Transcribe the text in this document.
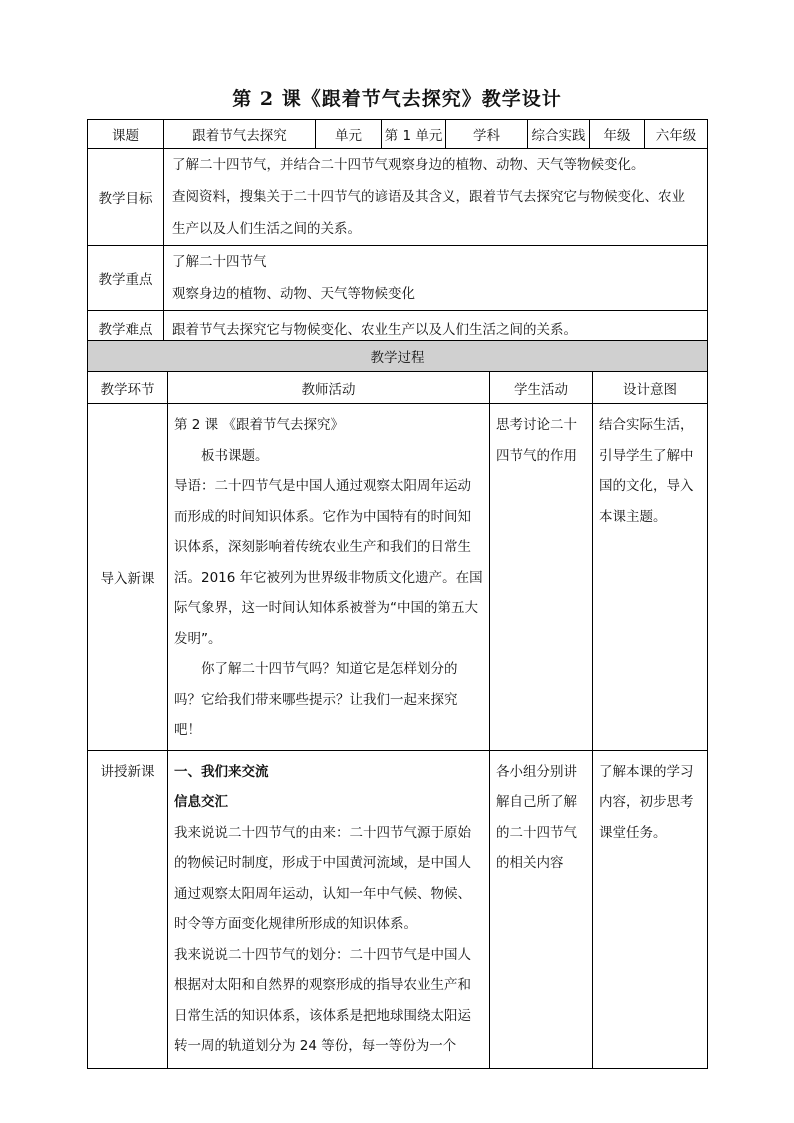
第 2 课《跟着节气去探究》教学设计
课题	跟着节气去探究	单元	第 1 单元	学科	综合实践	年级	六年级
教学目标	了解二十四节气，并结合二十四节气观察身边的植物、动物、天气等物候变化。
查阅资料，搜集关于二十四节气的谚语及其含义，跟着节气去探究它与物候变化、农业
生产以及人们生活之间的关系。						

教学重点	了解二十四节气
观察身边的植物、动物、天气等物候变化						

教学难点	跟着节气去探究它与物候变化、农业生产以及人们生活之间的关系。						
教学过程			
教学环节	教师活动	学生活动	设计意图
导入新课	第 2 课 《跟着节气去探究》

板书课题。

导语：二十四节气是中国人通过观察太阳周年运动而形成的时间知识体系。它作为中国特有的时间知识体系，深刻影响着传统农业生产和我们的日常生活。2016 年它被列为世界级非物质文化遗产。在国际气象界，这一时间认知体系被誉为“中国的第五大发明”。

你了解二十四节气吗？知道它是怎样划分的吗？它给我们带来哪些提示？让我们一起来探究吧！	思考讨论二十四节气的作用	结合实际生活，引导学生了解中国的文化，导入本课主题。
讲授新课	一、我们来交流

信息交汇

我来说说二十四节气的由来：二十四节气源于原始的物候记时制度，形成于中国黄河流域，是中国人通过观察太阳周年运动，认知一年中气候、物候、时令等方面变化规律所形成的知识体系。

我来说说二十四节气的划分：二十四节气是中国人根据对太阳和自然界的观察形成的指导农业生产和日常生活的知识体系，该体系是把地球围绕太阳运转一周的轨道划分为 24 等份，每一等份为一个	各小组分别讲解自己所了解的二十四节气的相关内容	了解本课的学习内容，初步思考课堂任务。
